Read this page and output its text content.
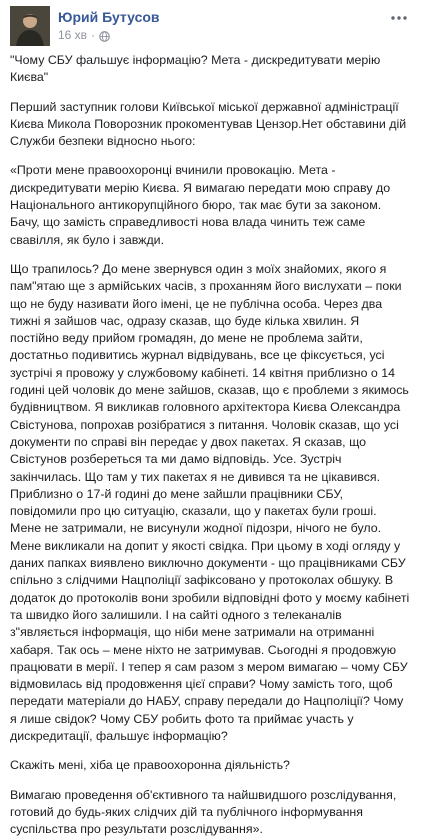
Юрий Бутусов
16 хв ·

"Чому СБУ фальшує інформацію? Мета - дискредитувати мерію Києва"

Перший заступник голови Київської міської державної адміністрації Києва Микола Поворозник прокоментував Цензор.Нет обставини дій Служби безпеки відносно нього:

«Проти мене правоохоронці вчинили провокацію. Мета - дискредитувати мерію Києва. Я вимагаю передати мою справу до Національного антикорупційного бюро, так має бути за законом. Бачу, що замість справедливості нова влада чинить теж саме свавілля, як було і завжди.

Що трапилось? До мене звернувся один з моїх знайомих, якого я пам"ятаю ще з армійських часів, з проханням його вислухати – поки що не буду називати його імені, це не публічна особа. Через два тижні я зайшов час, одразу сказав, що буде кілька хвилин. Я постійно веду прийом громадян, до мене не проблема зайти, достатньо подивитись журнал відвідувань, все це фіксується, усі зустрічі я провожу у службовому кабінеті. 14 квітня приблизно о 14 годині цей чоловік до мене зайшов, сказав, що є проблеми з якимось будівництвом. Я викликав головного архітектора Києва Олександра Свістунова, попрохав розібратися з питання. Чоловік сказав, що усі документи по справі він передає у двох пакетах. Я сказав, що Свістунов розбереться та ми дамо відповідь. Усе. Зустріч закінчилась. Що там у тих пакетах я не дивився та не цікавився. Приблизно о 17-й годині до мене зайшли працівники СБУ, повідомили про цю ситуацію, сказали, що у пакетах були гроші. Мене не затримали, не висунули жодної підозри, нічого не було. Мене викликали на допит у якості свідка. При цьому в ході огляду у даних папках виявлено виключно документи - що працівниками СБУ спільно з слідчими Нацполіції зафіксовано у протоколах обшуку. В додаток до протоколів вони зробили відповідні фото у моєму кабінеті та швидко його залишили. І на сайті одного з телеканалів з"являється інформація, що ніби мене затримали на отриманні хабаря. Так ось – мене ніхто не затримував. Сьогодні я продовжую працювати в мерії. І тепер я сам разом з мером вимагаю – чому СБУ відмовилась від продовження цієї справи? Чому замість того, щоб передати матеріали до НАБУ, справу передали до Нацполіції? Чому я лише свідок? Чому СБУ робить фото та приймає участь у дискредитації, фальшує інформацію?

Скажіть мені, хіба це правоохоронна діяльність?

Вимагаю проведення об'єктивного та найшвидшого розслідування, готовий до будь-яких слідчих дій та публічного інформування суспільства про результати розслідування».
